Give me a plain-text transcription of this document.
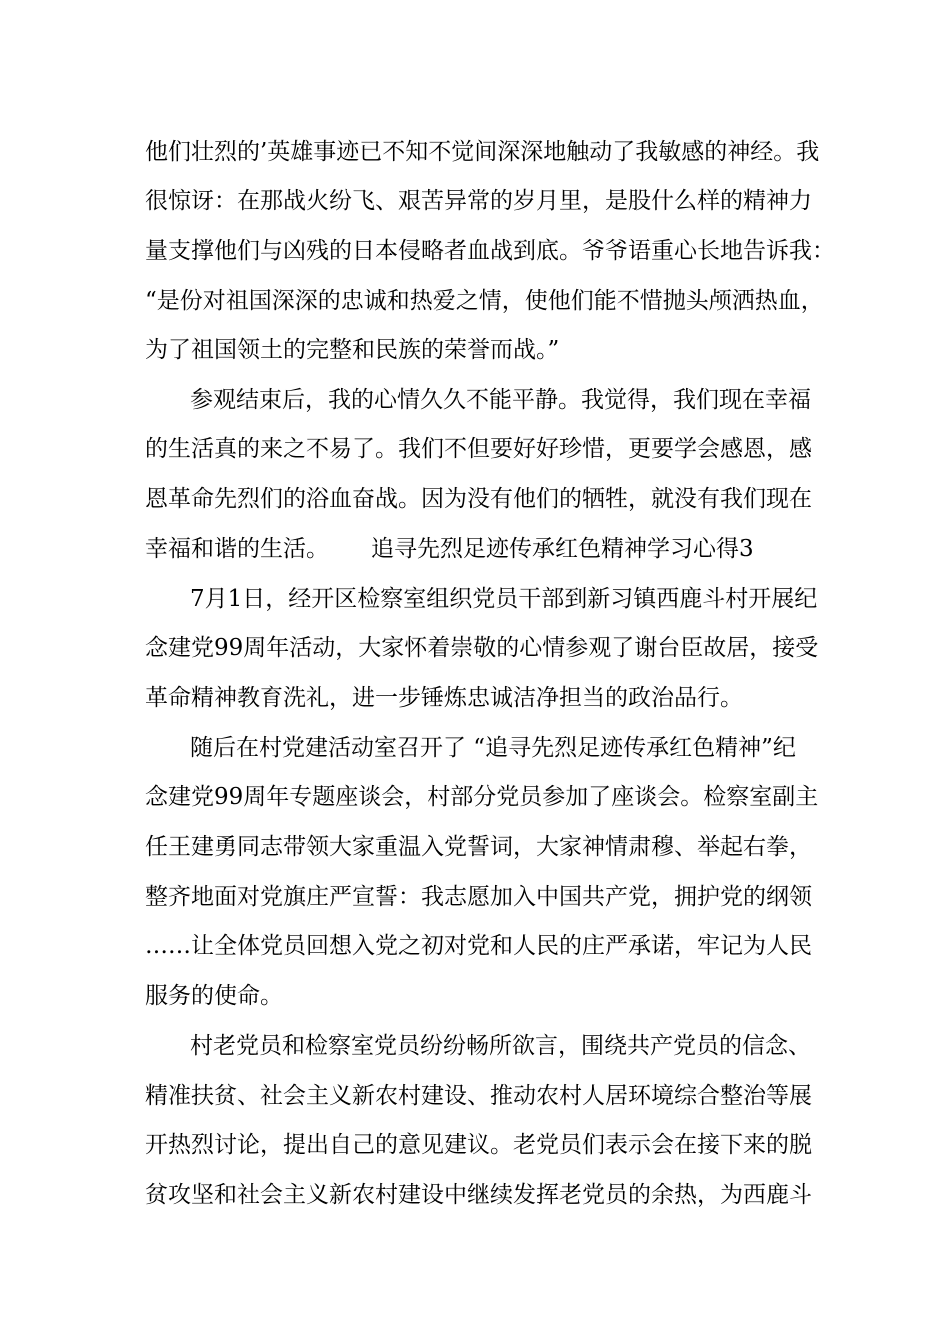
他们壮烈的’英雄事迹已不知不觉间深深地触动了我敏感的神经。我

很惊讶：在那战火纷飞、艰苦异常的岁月里，是股什么样的精神力

量支撑他们与凶残的日本侵略者血战到底。爷爷语重心长地告诉我：

“是份对祖国深深的忠诚和热爱之情，使他们能不惜抛头颅洒热血，

为了祖国领土的完整和民族的荣誉而战。”

参观结束后，我的心情久久不能平静。我觉得，我们现在幸福

的生活真的来之不易了。我们不但要好好珍惜，更要学会感恩，感

恩革命先烈们的浴血奋战。因为没有他们的牺牲，就没有我们现在

幸福和谐的生活。 追寻先烈足迹传承红色精神学习心得3

7月1日，经开区检察室组织党员干部到新习镇西鹿斗村开展纪

念建党99周年活动，大家怀着崇敬的心情参观了谢台臣故居，接受

革命精神教育洗礼，进一步锤炼忠诚洁净担当的政治品行。

随后在村党建活动室召开了 “追寻先烈足迹传承红色精神”纪

念建党99周年专题座谈会，村部分党员参加了座谈会。检察室副主

任王建勇同志带领大家重温入党誓词，大家神情肃穆、举起右拳，

整齐地面对党旗庄严宣誓：我志愿加入中国共产党，拥护党的纲领

……让全体党员回想入党之初对党和人民的庄严承诺，牢记为人民

服务的使命。

村老党员和检察室党员纷纷畅所欲言，围绕共产党员的信念、

精准扶贫、社会主义新农村建设、推动农村人居环境综合整治等展

开热烈讨论，提出自己的意见建议。老党员们表示会在接下来的脱

贫攻坚和社会主义新农村建设中继续发挥老党员的余热，为西鹿斗
